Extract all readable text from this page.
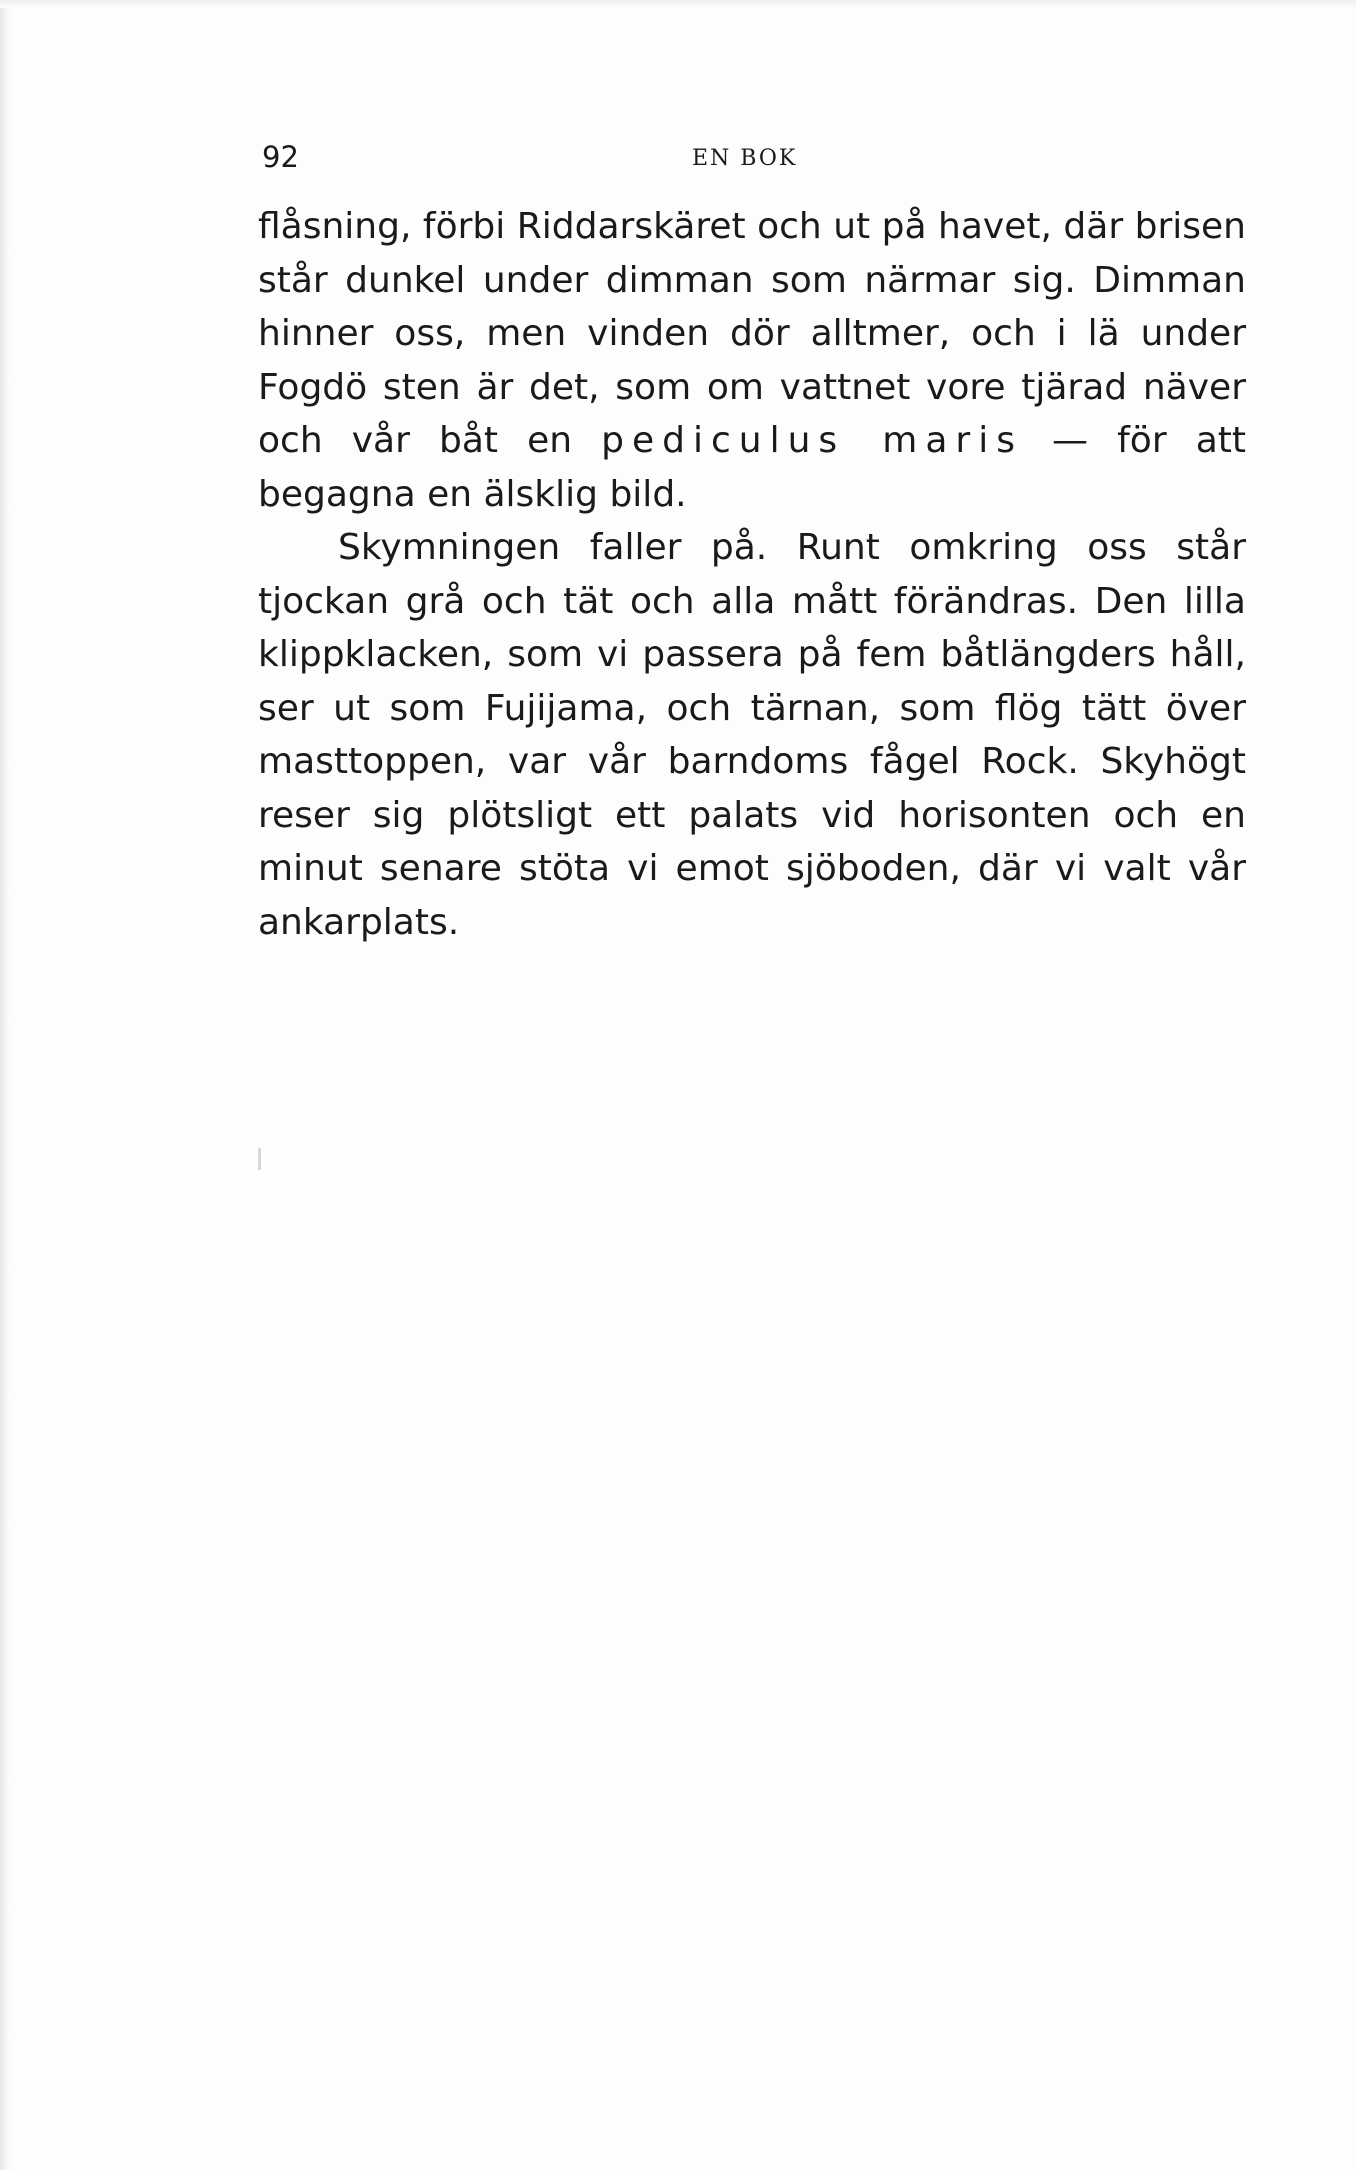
92	EN BOK

flåsning, förbi Riddarskäret och ut på havet, där brisen står dunkel under dimman som närmar sig. Dimman hinner oss, men vinden dör alltmer, och i lä under Fogdö sten är det, som om vattnet vore tjärad näver och vår båt en pediculus maris — för att begagna en älsklig bild.

Skymningen faller på. Runt omkring oss står tjockan grå och tät och alla mått förändras. Den lilla klippklacken, som vi passera på fem båtlängders håll, ser ut som Fujijama, och tärnan, som flög tätt över masttoppen, var vår barndoms fågel Rock. Skyhögt reser sig plötsligt ett palats vid horisonten och en minut senare stöta vi emot sjöboden, där vi valt vår ankarplats.
